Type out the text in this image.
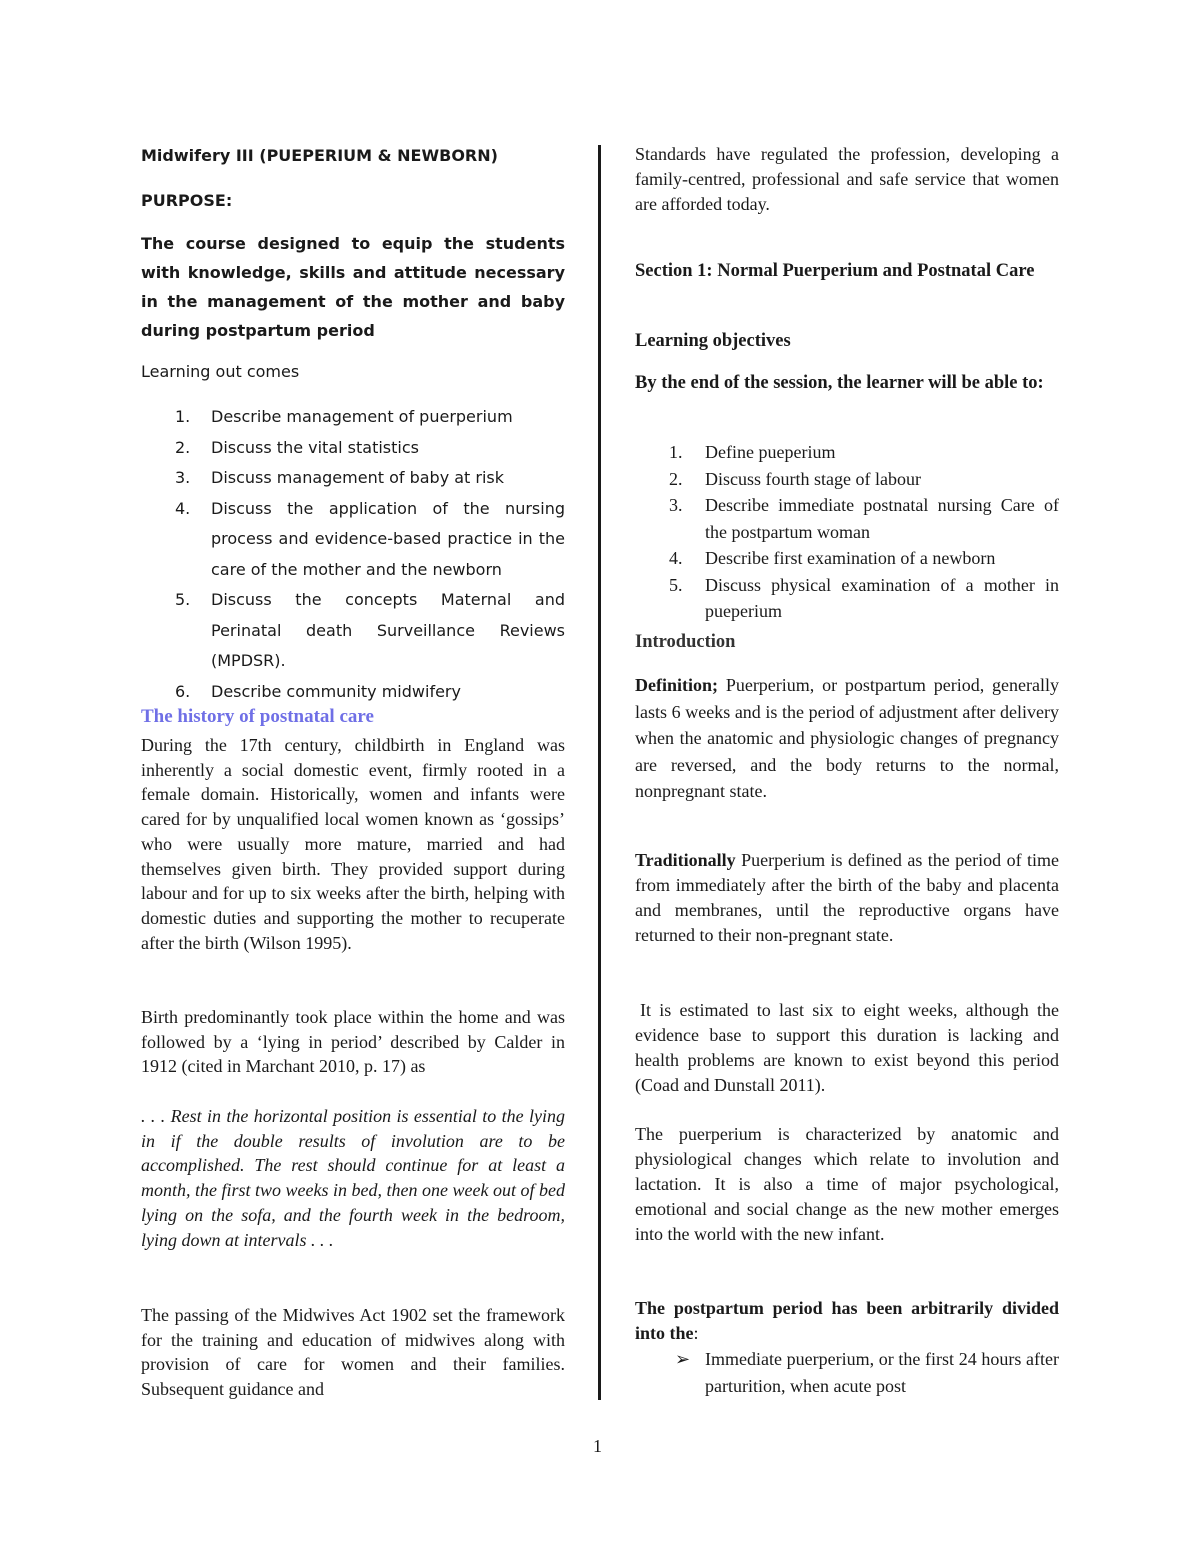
Midwifery III (PUEPERIUM & NEWBORN)
PURPOSE:
The course designed to equip the students with knowledge, skills and attitude necessary in the management of the mother and baby during postpartum period
Learning out comes
1.	Describe management of puerperium
2.	Discuss the vital statistics
3.	Discuss management of baby at risk
4.	Discuss the application of the nursing process and evidence-based practice in the care of the mother and the newborn
5.	Discuss the concepts Maternal and Perinatal death Surveillance Reviews (MPDSR).
6.	Describe community midwifery
The history of postnatal care

During the 17th century, childbirth in England was inherently a social domestic event, firmly rooted in a female domain. Historically, women and infants were cared for by unqualified local women known as ‘gossips’ who were usually more mature, married and had themselves given birth. They provided support during labour and for up to six weeks after the birth, helping with domestic duties and supporting the mother to recuperate after the birth (Wilson 1995).

Birth predominantly took place within the home and was followed by a ‘lying in period’ described by Calder in 1912 (cited in Marchant 2010, p. 17) as

. . . Rest in the horizontal position is essential to the lying in if the double results of involution are to be accomplished. The rest should continue for at least a month, the first two weeks in bed, then one week out of bed lying on the sofa, and the fourth week in the bedroom, lying down at intervals . . .

The passing of the Midwives Act 1902 set the framework for the training and education of midwives along with provision of care for women and their families. Subsequent guidance and

Standards have regulated the profession, developing a family-centred, professional and safe service that women are afforded today.

Section 1: Normal Puerperium and Postnatal Care
Learning objectives
By the end of the session, the learner will be able to:
1.	Define pueperium
2.	Discuss fourth stage of labour
3.	Describe immediate postnatal nursing Care of the postpartum woman
4.	Describe first examination of a newborn
5.	Discuss physical examination of a mother in pueperium
Introduction

Definition; Puerperium, or postpartum period, generally lasts 6 weeks and is the period of adjustment after delivery when the anatomic and physiologic changes of pregnancy are reversed, and the body returns to the normal, nonpregnant state.

Traditionally Puerperium is defined as the period of time from immediately after the birth of the baby and placenta and membranes, until the reproductive organs have returned to their non-pregnant state.

It is estimated to last six to eight weeks, although the evidence base to support this duration is lacking and health problems are known to exist beyond this period (Coad and Dunstall 2011).

The puerperium is characterized by anatomic and physiological changes which relate to involution and lactation. It is also a time of major psychological, emotional and social change as the new mother emerges into the world with the new infant.

The postpartum period has been arbitrarily divided into the:

➢ Immediate puerperium, or the first 24 hours after parturition, when acute post
1
